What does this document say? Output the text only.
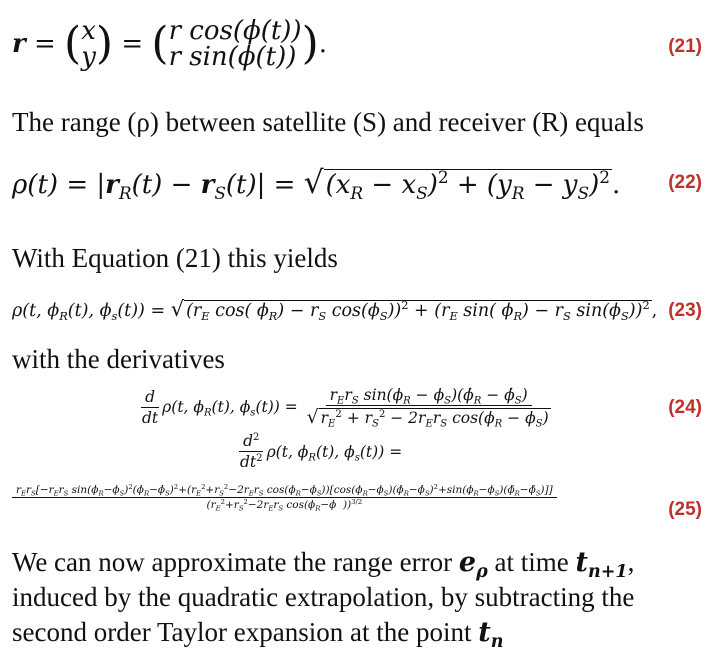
r = ( x
y ) = ( r cos(ϕ(t))
r sin(ϕ(t)) ) .	(21)
The range (ρ) between satellite (S) and receiver (R) equals
$\rho(t) = |r_R(t) - r_S(t)| = √(x_R - x_S)^2 + (y_R - y_S)^2$.	(22)
With Equation (21) this yields
ρ(t, $\phi_R(t)$, $\phi_s(t)$) = √ ($r_E$ cos( $\phi_R) - r_S$ $\cos(\phi_S))^2 + (r_E$ sin( $\phi_R) - r_S$ $\sin(\phi_S))^2$ , (23)
with the derivatives
$\frac{d}{dt} \rho(t$, $\phi_R(t)$, $\phi_s(t)) = \frac{r_Er_S \sin(\phi_R - \phi_S)(\phi̇_R - \phi̇_S)}{√ r_E^2 + r_S^2 - 2r_Er_S \cos(\phi_R - \phi_S)}$	(24)
$\frac{d^2}{dt^2} \rho(t$, $\phi_R(t)$, $\phi_s(t)$) =
$r_Er_S[-r_Er_S$ $\sin(\phi_R-\phi_S)^2(\phi̇_R-\phi̇_S)^2+(r_E^2+r_S^2-2r_Er_S$ $\cos(\phi_R-\phi_S))[\cos(\phi_R-\phi_S)(\phi̇_R-\phi̇_S)^2+\sin(\phi_R-\phi_S)(\phï_R-\phï_S)]$]
($r_E^2+r_S^2-2r_Er_S$ $\cos(\phi_R-\phi$  ))$^{3/2}$	(25)
We can now approximate the range error $e_\rho$ at time $t_{n+1}$, induced by the quadratic extrapolation, by subtracting the second order Taylor expansion at the point $t_n$
